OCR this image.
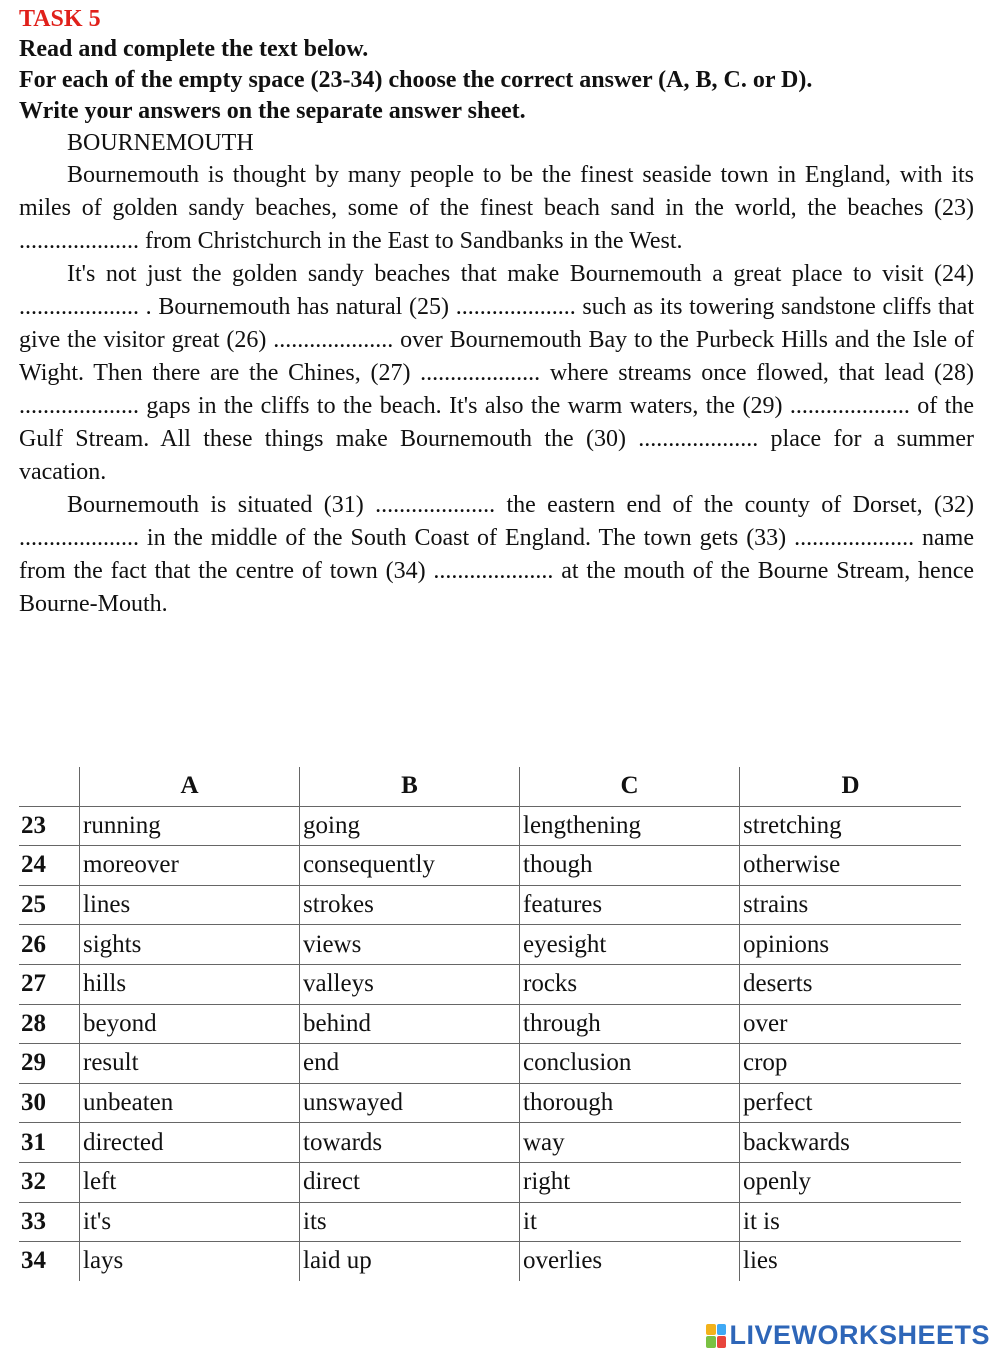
TASK 5
Read and complete the text below.
For each of the empty space (23-34) choose the correct answer (A, B, C. or D).
Write your answers on the separate answer sheet.
BOURNEMOUTH

Bournemouth is thought by many people to be the finest seaside town in England, with its miles of golden sandy beaches, some of the finest beach sand in the world, the beaches (23) .................... from Christchurch in the East to Sandbanks in the West.

It's not just the golden sandy beaches that make Bournemouth a great place to visit (24) .................... . Bournemouth has natural (25) .................... such as its towering sandstone cliffs that give the visitor great (26) .................... over Bournemouth Bay to the Purbeck Hills and the Isle of Wight. Then there are the Chines, (27) .................... where streams once flowed, that lead (28) .................... gaps in the cliffs to the beach. It's also the warm waters, the (29) .................... of the Gulf Stream. All these things make Bournemouth the (30) .................... place for a summer vacation.

Bournemouth is situated (31) .................... the eastern end of the county of Dorset, (32) .................... in the middle of the South Coast of England. The town gets (33) .................... name from the fact that the centre of town (34) .................... at the mouth of the Bourne Stream, hence Bourne-Mouth.

	A	B	C	D
23	running	going	lengthening	stretching
24	moreover	consequently	though	otherwise
25	lines	strokes	features	strains
26	sights	views	eyesight	opinions
27	hills	valleys	rocks	deserts
28	beyond	behind	through	over
29	result	end	conclusion	crop
30	unbeaten	unswayed	thorough	perfect
31	directed	towards	way	backwards
32	left	direct	right	openly
33	it's	its	it	it is
34	lays	laid up	overlies	lies
LIVEWORKSHEETS
